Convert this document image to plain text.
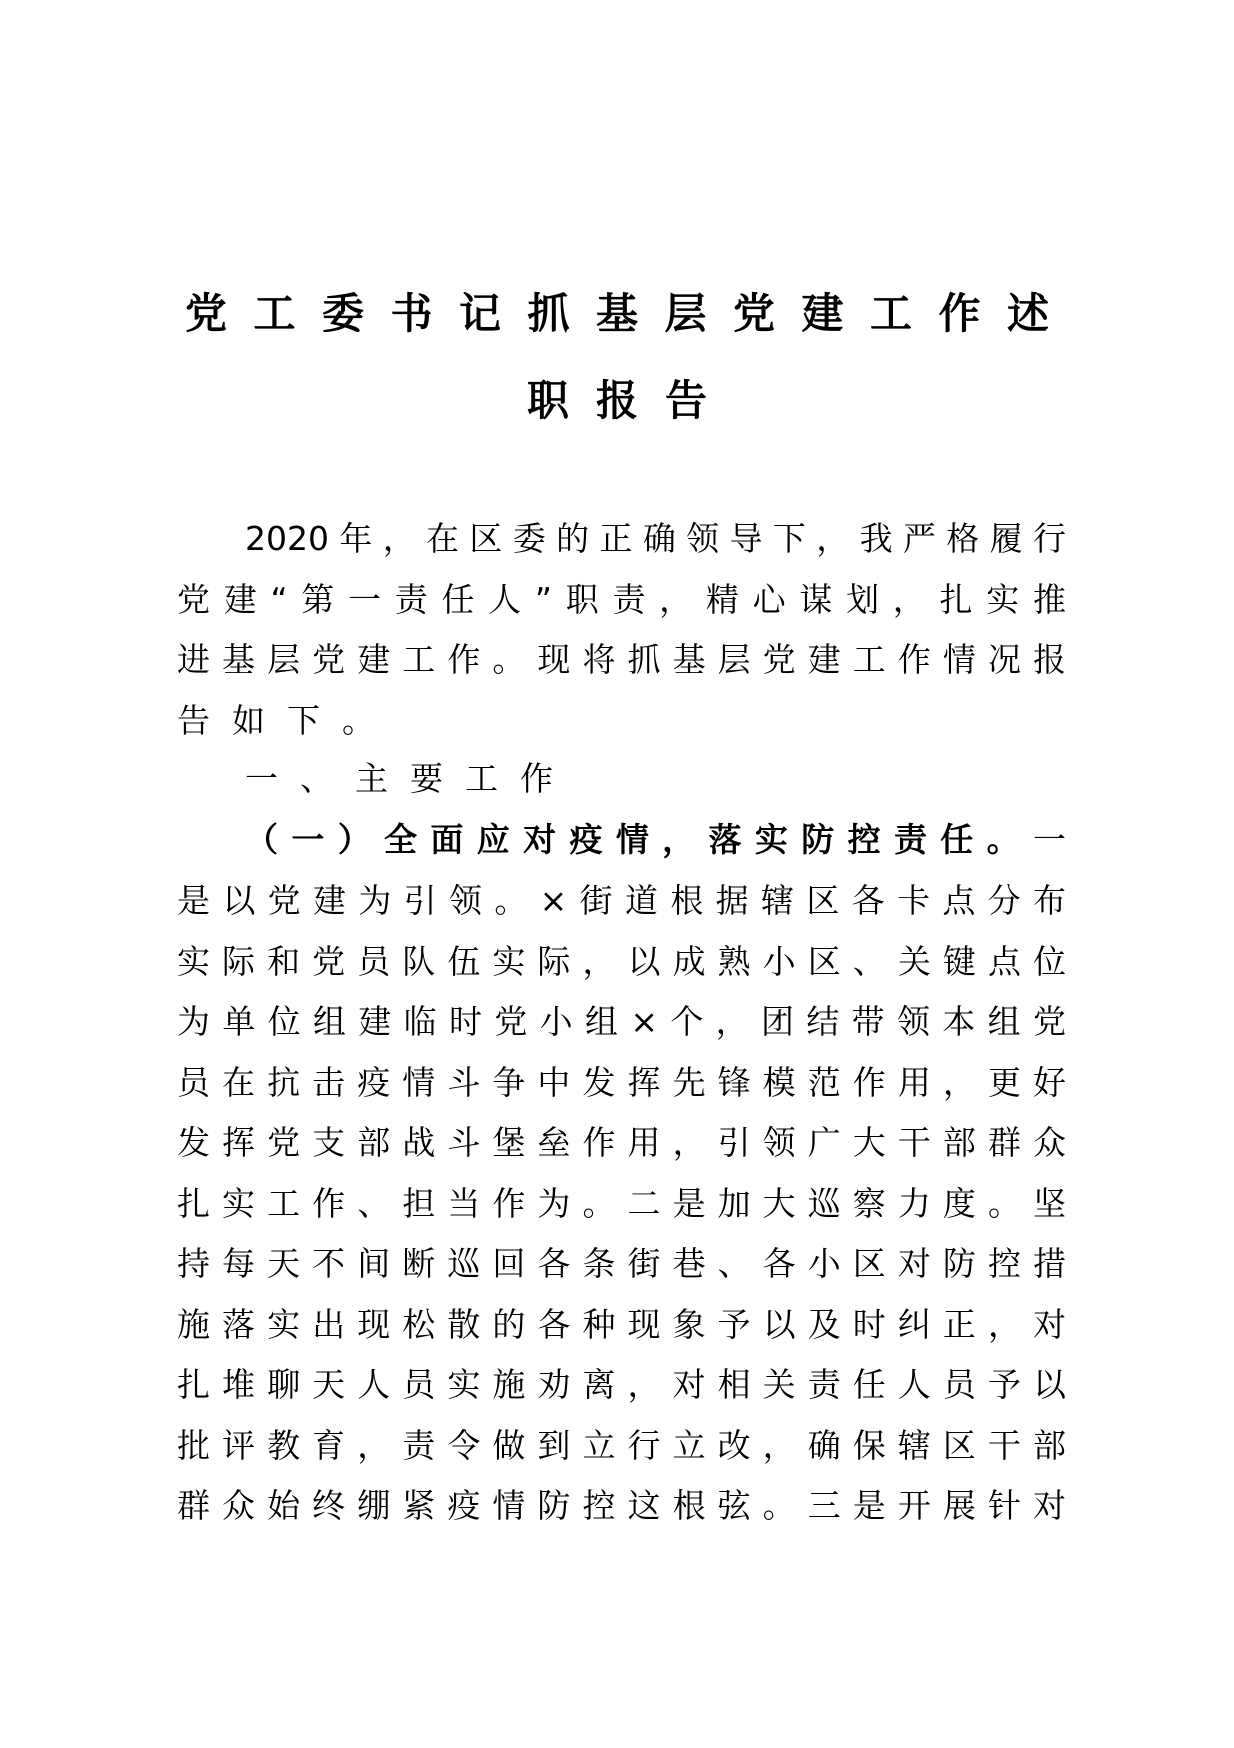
党工委书记抓基层党建工作述
职报告
2020年，在区委的正确领导下，我严格履行
党建“第一责任人”职责，精心谋划，扎实推
进基层党建工作。现将抓基层党建工作情况报
告如下。
一、主要工作
（一）全面应对疫情，落实防控责任。一
是以党建为引领。×街道根据辖区各卡点分布
实际和党员队伍实际，以成熟小区、关键点位
为单位组建临时党小组×个，团结带领本组党
员在抗击疫情斗争中发挥先锋模范作用，更好
发挥党支部战斗堡垒作用，引领广大干部群众
扎实工作、担当作为。二是加大巡察力度。坚
持每天不间断巡回各条街巷、各小区对防控措
施落实出现松散的各种现象予以及时纠正，对
扎堆聊天人员实施劝离，对相关责任人员予以
批评教育，责令做到立行立改，确保辖区干部
群众始终绷紧疫情防控这根弦。三是开展针对
